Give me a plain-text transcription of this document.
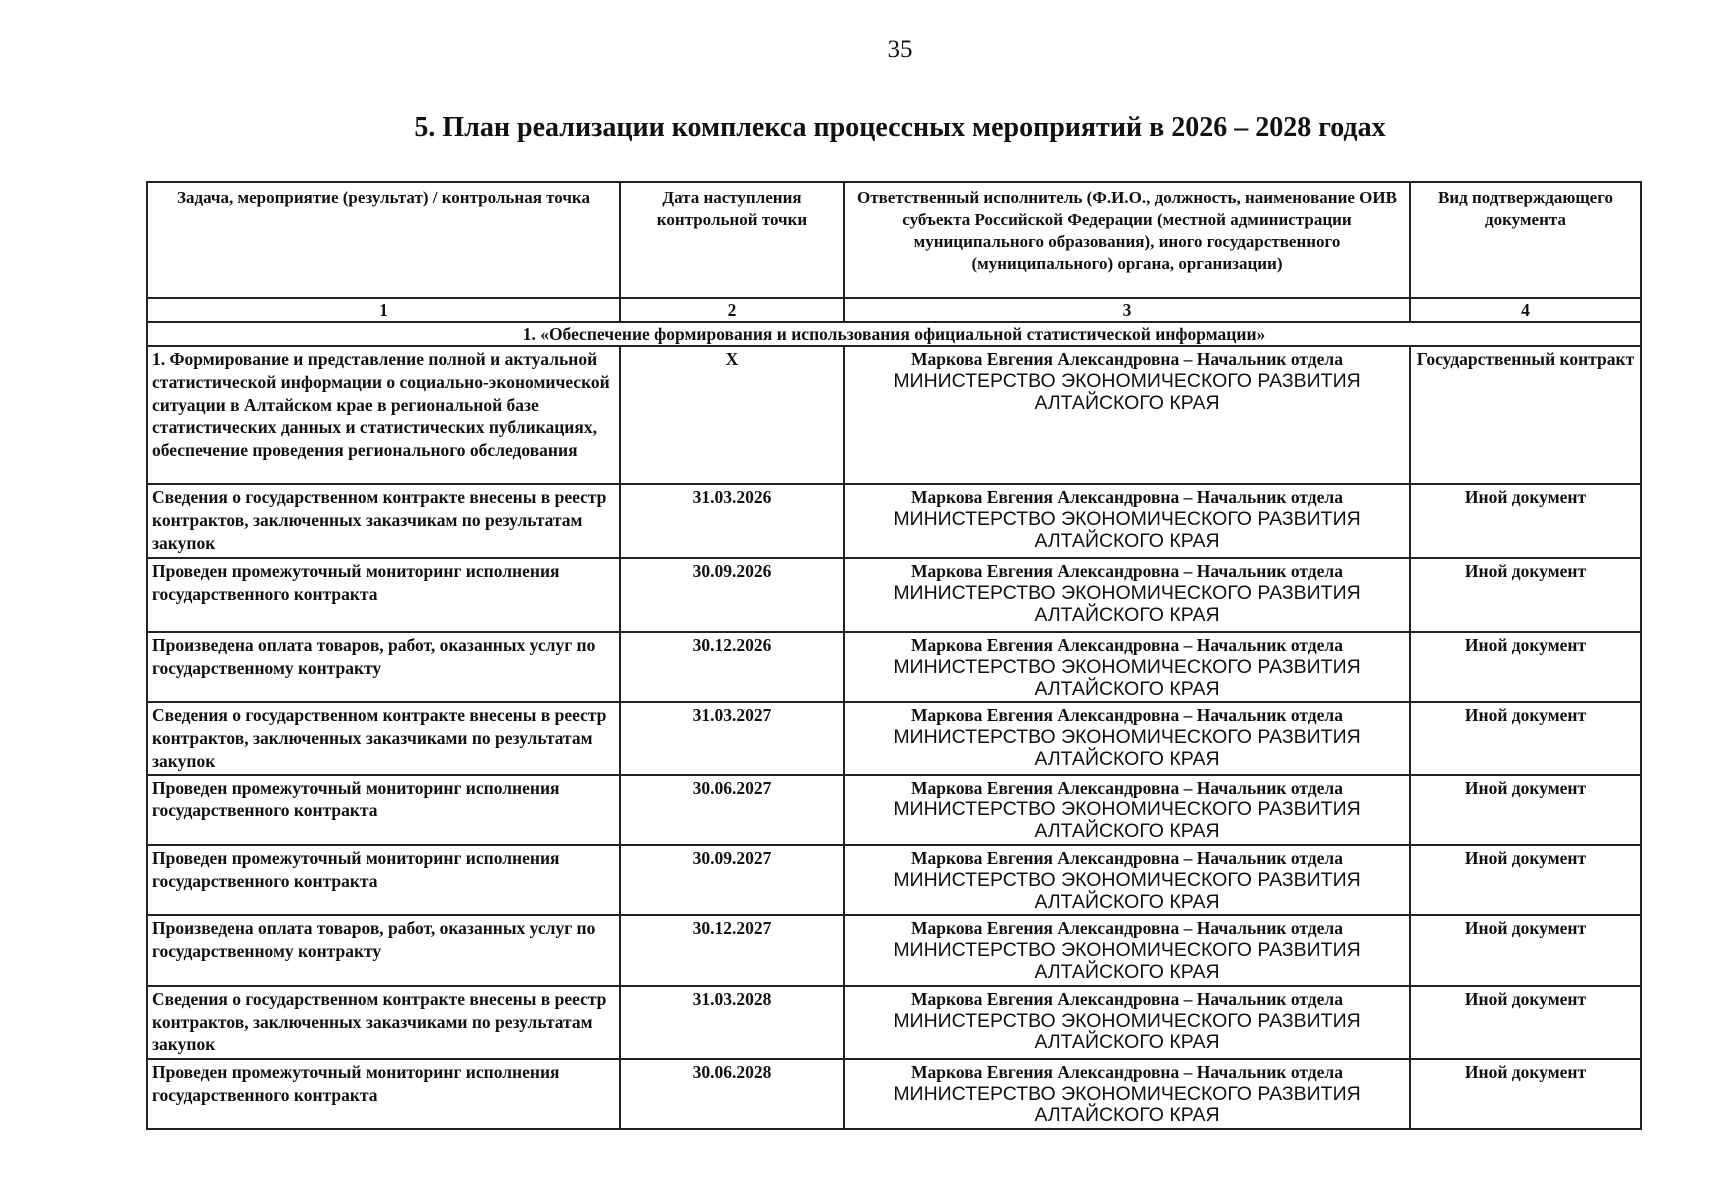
35
5. План реализации комплекса процессных мероприятий в 2026 – 2028 годах
Задача, мероприятие (результат) / контрольная точка	Дата наступления контрольной точки	Ответственный исполнитель (Ф.И.О., должность, наименование ОИВ субъекта Российской Федерации (местной администрации муниципального образования), иного государственного (муниципального) органа, организации)	Вид подтверждающего документа
1	2	3	4
1. «Обеспечение формирования и использования официальной статистической информации»			
1. Формирование и представление полной и актуальной статистической информации о социально-экономической ситуации в Алтайском крае в региональной базе статистических данных и статистических публикациях, обеспечение проведения регионального обследования	X	Маркова Евгения Александровна – Начальник отдела
МИНИСТЕРСТВО ЭКОНОМИЧЕСКОГО РАЗВИТИЯ АЛТАЙСКОГО КРАЯ	Государственный контракт
Сведения о государственном контракте внесены в реестр контрактов, заключенных заказчикам по результатам закупок	31.03.2026	Маркова Евгения Александровна – Начальник отдела
МИНИСТЕРСТВО ЭКОНОМИЧЕСКОГО РАЗВИТИЯ АЛТАЙСКОГО КРАЯ	Иной документ
Проведен промежуточный мониторинг исполнения государственного контракта	30.09.2026	Маркова Евгения Александровна – Начальник отдела
МИНИСТЕРСТВО ЭКОНОМИЧЕСКОГО РАЗВИТИЯ АЛТАЙСКОГО КРАЯ	Иной документ
Произведена оплата товаров, работ, оказанных услуг по государственному контракту	30.12.2026	Маркова Евгения Александровна – Начальник отдела
МИНИСТЕРСТВО ЭКОНОМИЧЕСКОГО РАЗВИТИЯ АЛТАЙСКОГО КРАЯ	Иной документ
Сведения о государственном контракте внесены в реестр контрактов, заключенных заказчиками по результатам закупок	31.03.2027	Маркова Евгения Александровна – Начальник отдела
МИНИСТЕРСТВО ЭКОНОМИЧЕСКОГО РАЗВИТИЯ АЛТАЙСКОГО КРАЯ	Иной документ
Проведен промежуточный мониторинг исполнения государственного контракта	30.06.2027	Маркова Евгения Александровна – Начальник отдела
МИНИСТЕРСТВО ЭКОНОМИЧЕСКОГО РАЗВИТИЯ АЛТАЙСКОГО КРАЯ	Иной документ
Проведен промежуточный мониторинг исполнения государственного контракта	30.09.2027	Маркова Евгения Александровна – Начальник отдела
МИНИСТЕРСТВО ЭКОНОМИЧЕСКОГО РАЗВИТИЯ АЛТАЙСКОГО КРАЯ	Иной документ
Произведена оплата товаров, работ, оказанных услуг по государственному контракту	30.12.2027	Маркова Евгения Александровна – Начальник отдела
МИНИСТЕРСТВО ЭКОНОМИЧЕСКОГО РАЗВИТИЯ АЛТАЙСКОГО КРАЯ	Иной документ
Сведения о государственном контракте внесены в реестр контрактов, заключенных заказчиками по результатам закупок	31.03.2028	Маркова Евгения Александровна – Начальник отдела
МИНИСТЕРСТВО ЭКОНОМИЧЕСКОГО РАЗВИТИЯ АЛТАЙСКОГО КРАЯ	Иной документ
Проведен промежуточный мониторинг исполнения государственного контракта	30.06.2028	Маркова Евгения Александровна – Начальник отдела
МИНИСТЕРСТВО ЭКОНОМИЧЕСКОГО РАЗВИТИЯ АЛТАЙСКОГО КРАЯ	Иной документ
